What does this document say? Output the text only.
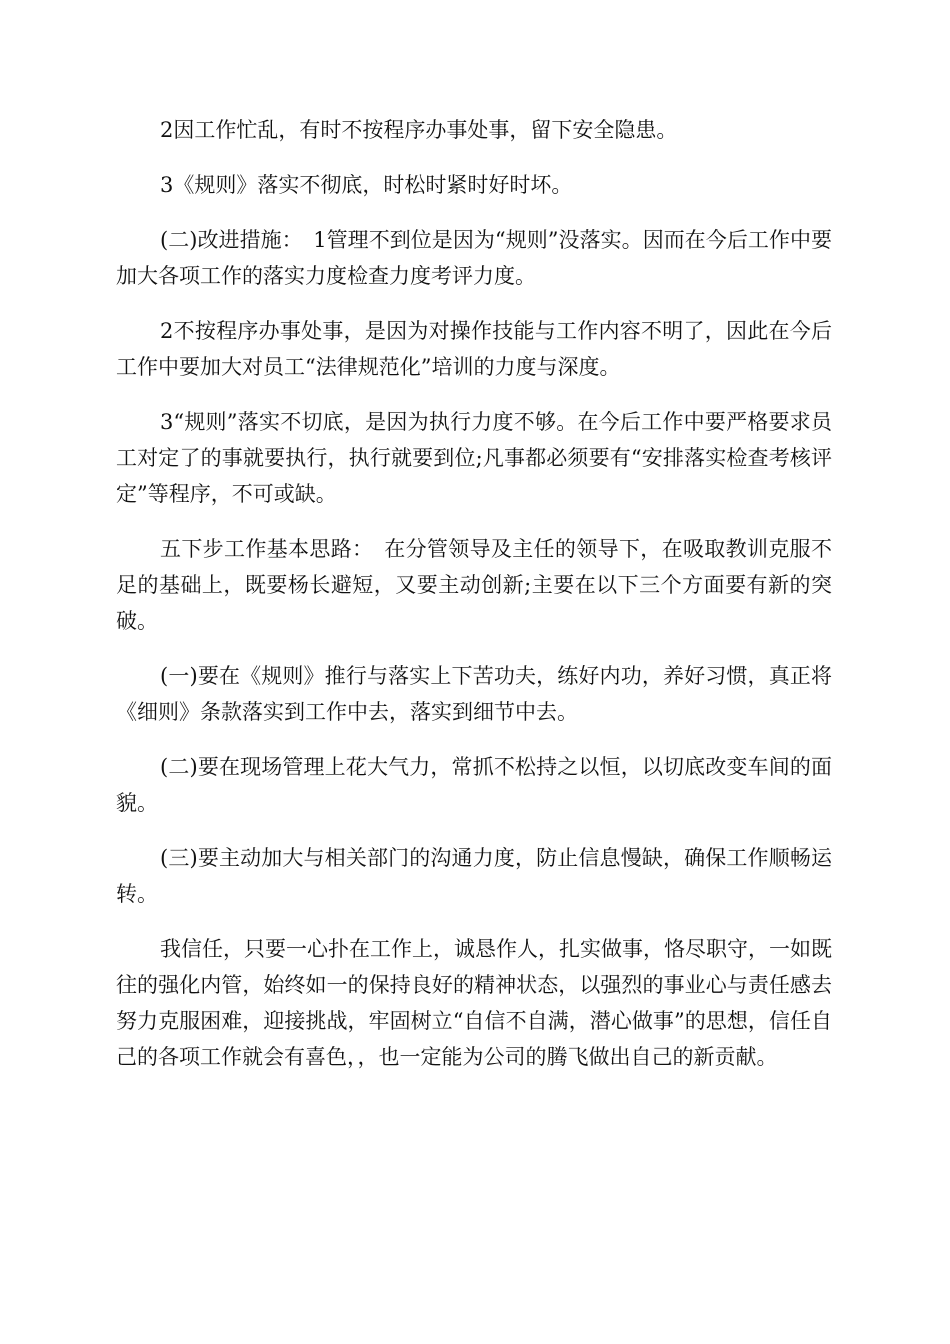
2因工作忙乱，有时不按程序办事处事，留下安全隐患。

3《规则》落实不彻底，时松时紧时好时坏。

(二)改进措施：　1管理不到位是因为“规则”没落实。因而在今后工作中要加大各项工作的落实力度检查力度考评力度。

2不按程序办事处事，是因为对操作技能与工作内容不明了，因此在今后工作中要加大对员工“法律规范化”培训的力度与深度。

3“规则”落实不切底，是因为执行力度不够。在今后工作中要严格要求员工对定了的事就要执行，执行就要到位;凡事都必须要有“安排落实检查考核评定”等程序，不可或缺。

五下步工作基本思路：　在分管领导及主任的领导下，在吸取教训克服不足的基础上，既要杨长避短，又要主动创新;主要在以下三个方面要有新的突破。

(一)要在《规则》推行与落实上下苦功夫，练好内功，养好习惯，真正将《细则》条款落实到工作中去，落实到细节中去。

(二)要在现场管理上花大气力，常抓不松持之以恒，以切底改变车间的面貌。

(三)要主动加大与相关部门的沟通力度，防止信息慢缺，确保工作顺畅运转。

我信任，只要一心扑在工作上，诚恳作人，扎实做事，恪尽职守，一如既往的强化内管，始终如一的保持良好的精神状态，以强烈的事业心与责任感去努力克服困难，迎接挑战，牢固树立“自信不自满，潜心做事”的思想，信任自己的各项工作就会有喜色，，也一定能为公司的腾飞做出自己的新贡献。
